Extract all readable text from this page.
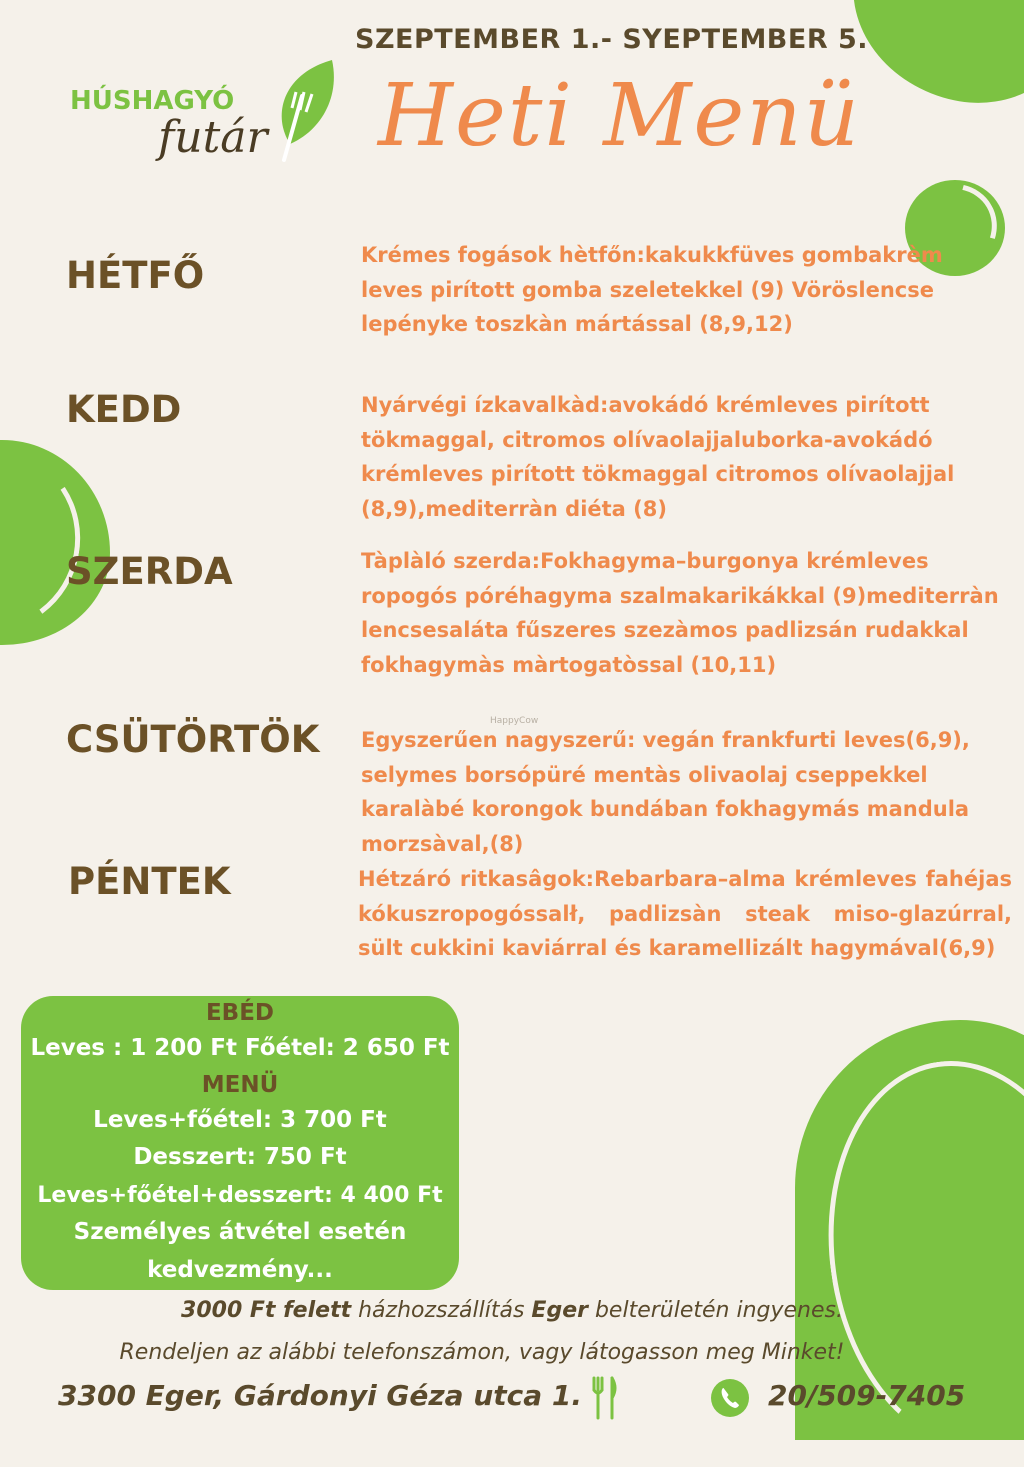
SZEPTEMBER 1.- SYEPTEMBER 5.
HÚSHAGYÓ
futár Heti Menü
HÉTFŐ	Krémes fogások hètfőn:kakukkfüves gombakrèm leves pirított gomba szeletekkel (9) Vöröslencse lepényke toszkàn mártással (8,9,12)
KEDD	Nyárvégi ízkavalkàd:avokádó krémleves pirított tökmaggal, citromos olívaolajjaluborka-avokádó krémleves pirított tökmaggal citromos olívaolajjal (8,9),mediterràn diéta (8)
SZERDA	Tàplàló szerda:Fokhagyma–burgonya krémleves ropogós póréhagyma szalmakarikákkal (9)mediterràn lencsesaláta fűszeres szezàmos padlizsán rudakkal fokhagymàs màrtogatòssal (10,11)
CSÜTÖRTÖK Egyszerűen nagyszerű: vegán frankfurti leves(6,9), selymes borsópüré mentàs olivaolaj cseppekkel karalàbé korongok bundában fokhagymás mandula morzsàval,(8)
PÉNTEK	Hétzáró ritkasâgok:Rebarbara–alma krémleves fahéjas kókuszropogóssalł, padlizsàn steak miso-glazúrral, sült cukkini kaviárral és karamellizált hagymával(6,9)
HappyCow
EBÉD
Leves : 1 200 Ft Főétel: 2 650 Ft
MENÜ
Leves+főétel: 3 700 Ft
Desszert: 750 Ft
Leves+főétel+desszert: 4 400 Ft
Személyes átvétel esetén
kedvezmény...
3000 Ft felett házhozszállítás Eger belterületén ingyenes.
Rendeljen az alábbi telefonszámon, vagy látogasson meg Minket!
3300 Eger, Gárdonyi Géza utca 1.	20/509-7405
